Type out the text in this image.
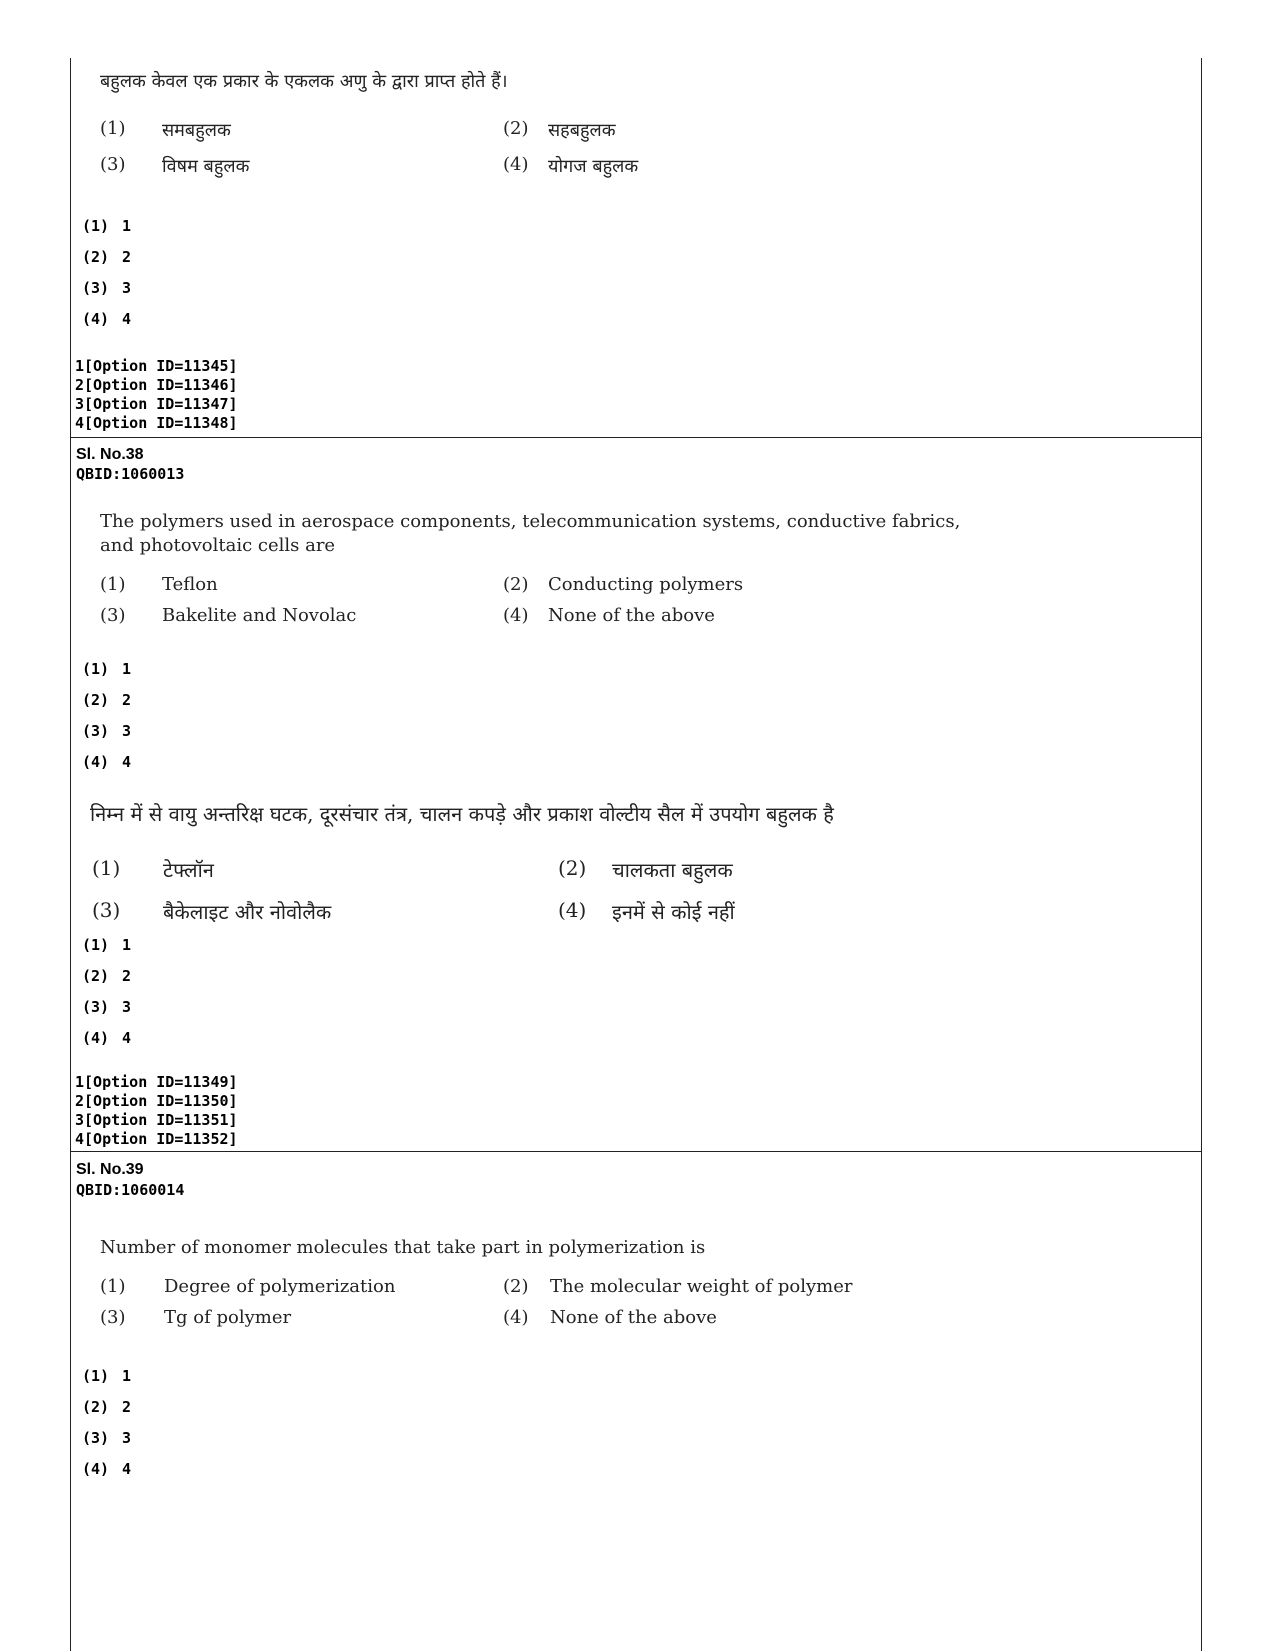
बहुलक केवल एक प्रकार के एकलक अणु के द्वारा प्राप्त होते हैं।
(1) समबहुलक	(2) सहबहुलक
(3) विषम बहुलक	(4) योगज बहुलक
(1) 1
(2) 2
(3) 3
(4) 4
1[Option ID=11345]
2[Option ID=11346]
3[Option ID=11347]
4[Option ID=11348]
Sl. No.38
QBID:1060013
The polymers used in aerospace components, telecommunication systems, conductive fabrics,
and photovoltaic cells are
(1) Teflon	(2) Conducting polymers
(3) Bakelite and Novolac	(4) None of the above
(1) 1
(2) 2
(3) 3
(4) 4
निम्न में से वायु अन्तरिक्ष घटक, दूरसंचार तंत्र, चालन कपड़े और प्रकाश वोल्टीय सैल में उपयोग बहुलक है
(1) टेफ्लॉन	(2) चालकता बहुलक
(3) बैकेलाइट और नोवोलैक	(4) इनमें से कोई नहीं
(1) 1
(2) 2
(3) 3
(4) 4
1[Option ID=11349]
2[Option ID=11350]
3[Option ID=11351]
4[Option ID=11352]
Sl. No.39
QBID:1060014
Number of monomer molecules that take part in polymerization is
(1) Degree of polymerization	(2) The molecular weight of polymer
(3) Tg of polymer	(4) None of the above
(1) 1
(2) 2
(3) 3
(4) 4
